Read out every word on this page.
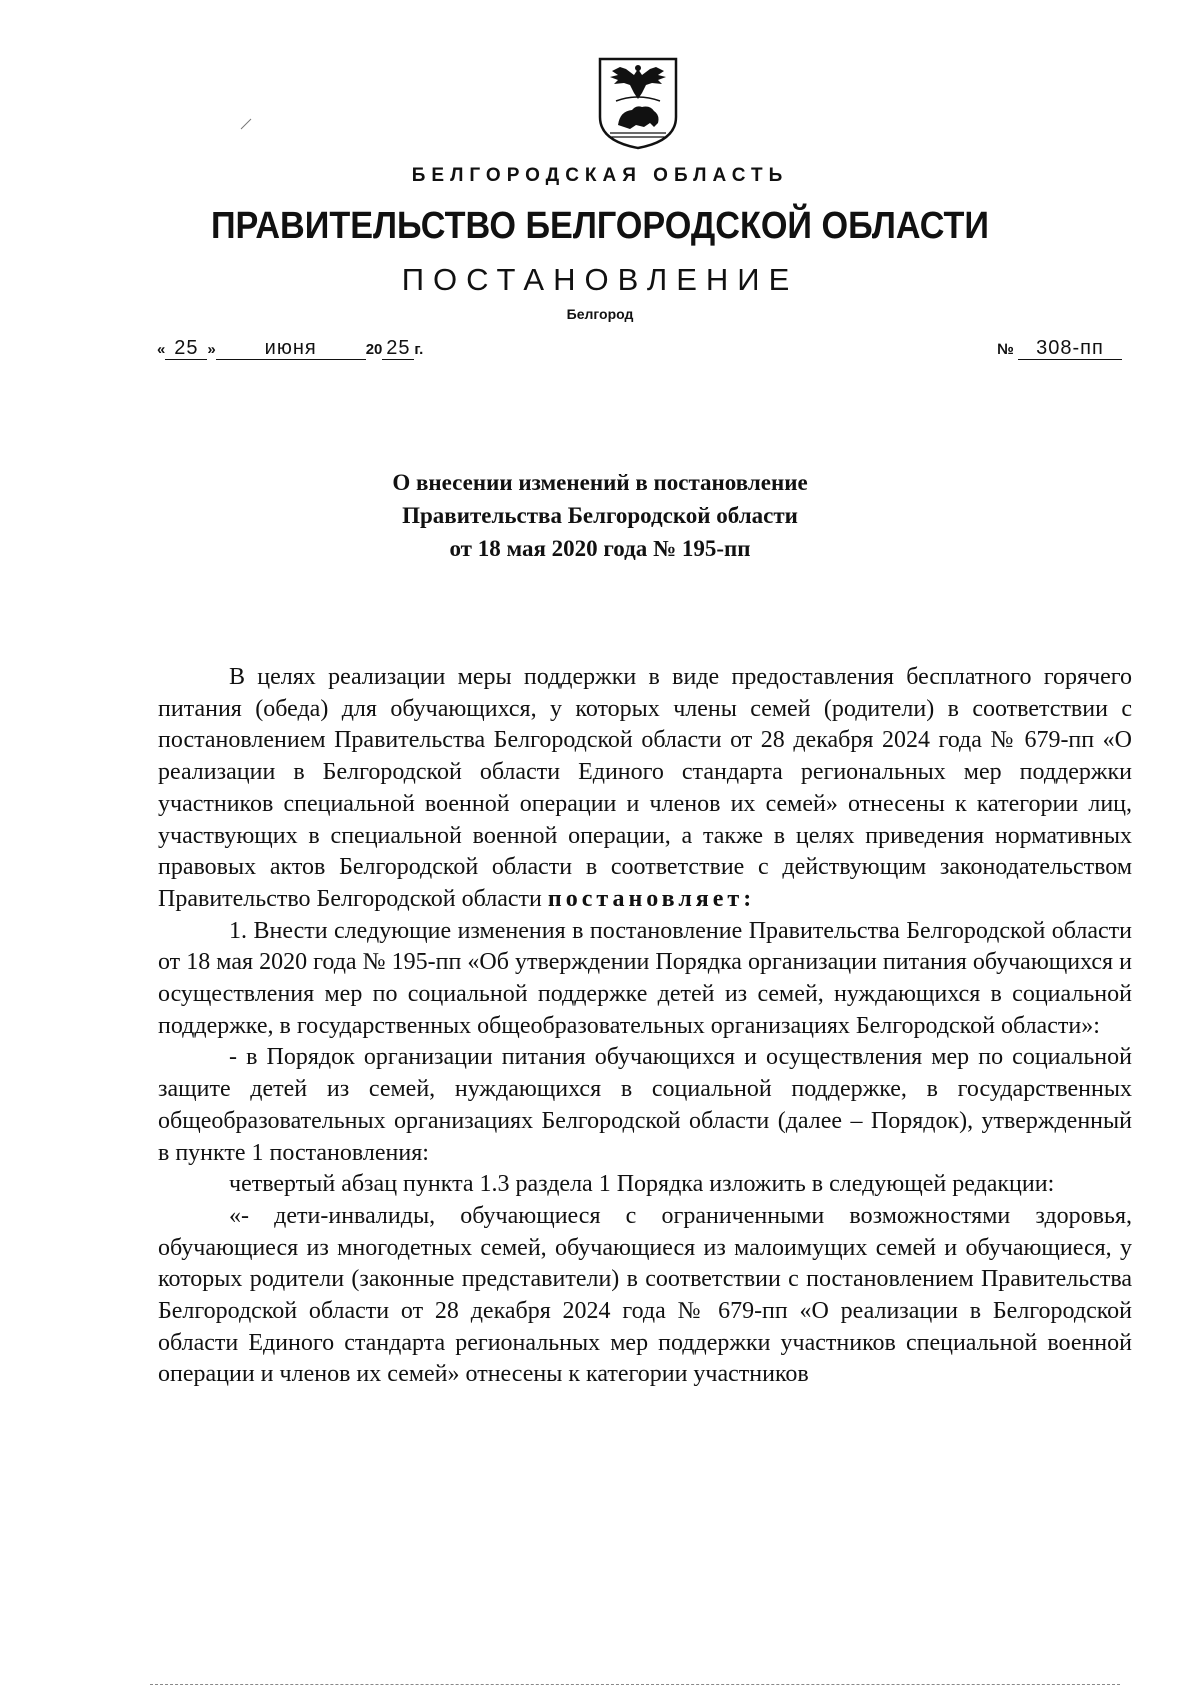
БЕЛГОРОДСКАЯ ОБЛАСТЬ
ПРАВИТЕЛЬСТВО БЕЛГОРОДСКОЙ ОБЛАСТИ
ПОСТАНОВЛЕНИЕ
Белгород
« 25 » июня	20 25 г.	№ 308-пп
О внесении изменений в постановление
Правительства Белгородской области
от 18 мая 2020 года № 195-пп

В целях реализации меры поддержки в виде предоставления бесплатного горячего питания (обеда) для обучающихся, у которых члены семей (родители) в соответствии с постановлением Правительства Белгородской области от 28 декабря 2024 года № 679-пп «О реализации в Белгородской области Единого стандарта региональных мер поддержки участников специальной военной операции и членов их семей» отнесены к категории лиц, участвующих в специальной военной операции, а также в целях приведения нормативных правовых актов Белгородской области в соответствие с действующим законодательством Правительство Белгородской области постановляет:

1. Внести следующие изменения в постановление Правительства Белгородской области от 18 мая 2020 года № 195-пп «Об утверждении Порядка организации питания обучающихся и осуществления мер по социальной поддержке детей из семей, нуждающихся в социальной поддержке, в государственных общеобразовательных организациях Белгородской области»:

- в Порядок организации питания обучающихся и осуществления мер по социальной защите детей из семей, нуждающихся в социальной поддержке, в государственных общеобразовательных организациях Белгородской области (далее – Порядок), утвержденный в пункте 1 постановления:

четвертый абзац пункта 1.3 раздела 1 Порядка изложить в следующей редакции:

«- дети-инвалиды, обучающиеся с ограниченными возможностями здоровья, обучающиеся из многодетных семей, обучающиеся из малоимущих семей и обучающиеся, у которых родители (законные представители) в соответствии с постановлением Правительства Белгородской области от 28 декабря 2024 года № 679-пп «О реализации в Белгородской области Единого стандарта региональных мер поддержки участников специальной военной операции и членов их семей» отнесены к категории участников
